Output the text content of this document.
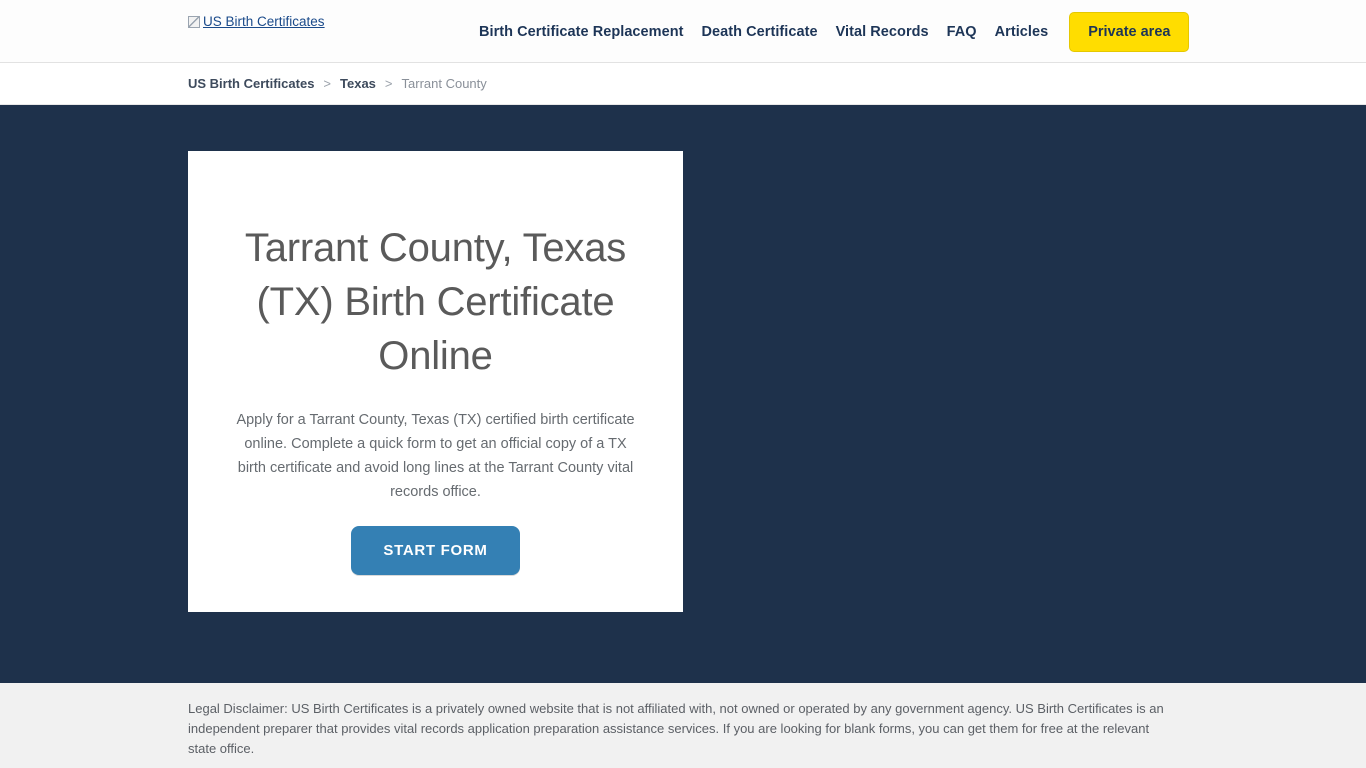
US Birth Certificates
Birth Certificate Replacement	Death Certificate	Vital Records	FAQ	Articles	Private area
US Birth Certificates > Texas > Tarrant County
Tarrant County, Texas (TX) Birth Certificate Online

Apply for a Tarrant County, Texas (TX) certified birth certificate online. Complete a quick form to get an official copy of a TX birth certificate and avoid long lines at the Tarrant County vital records office.

START FORM

Legal Disclaimer: US Birth Certificates is a privately owned website that is not affiliated with, not owned or operated by any government agency. US Birth Certificates is an independent preparer that provides vital records application preparation assistance services. If you are looking for blank forms, you can get them for free at the relevant state office.
